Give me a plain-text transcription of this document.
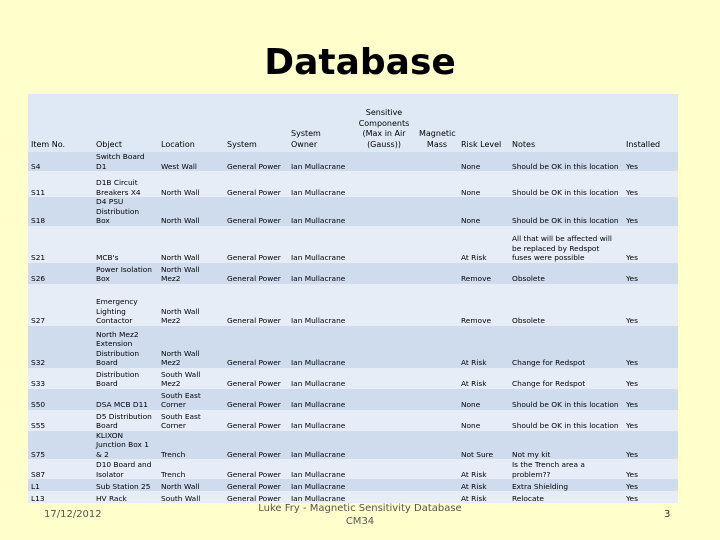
Database
Item No.	Object	Location	System	System Owner	Sensitive Components (Max in Air (Gauss))	Magnetic Mass	Risk Level	Notes	Installed
S4	Switch Board D1	West Wall	General Power	Ian Mullacrane			None	Should be OK in this location	Yes
S11	D1B Circuit Breakers X4	North Wall	General Power	Ian Mullacrane			None	Should be OK in this location	Yes
S18	D4 PSU Distribution Box	North Wall	General Power	Ian Mullacrane			None	Should be OK in this location	Yes
S21	MCB's	North Wall	General Power	Ian Mullacrane			At Risk	All that will be affected will be replaced by Redspot fuses were possible	Yes
S26	Power Isolation Box	North Wall Mez2	General Power	Ian Mullacrane			Remove	Obsolete	Yes
S27	Emergency Lighting Contactor	North Wall Mez2	General Power	Ian Mullacrane			Remove	Obsolete	Yes
S32	North Mez2 Extension Distribution Board	North Wall Mez2	General Power	Ian Mullacrane			At Risk	Change for Redspot	Yes
S33	Distribution Board	South Wall Mez2	General Power	Ian Mullacrane			At Risk	Change for Redspot	Yes
S50	DSA MCB D11	South East Corner	General Power	Ian Mullacrane			None	Should be OK in this location	Yes
S55	D5 Distribution Board	South East Corner	General Power	Ian Mullacrane			None	Should be OK in this location	Yes
S75	KLIXON Junction Box 1 & 2	Trench	General Power	Ian Mullacrane			Not Sure	Not my kit	Yes
S87	D10 Board and Isolator	Trench	General Power	Ian Mullacrane			At Risk	Is the Trench area a problem??	Yes
L1	Sub Station 25	North Wall	General Power	Ian Mullacrane			At Risk	Extra Shielding	Yes
L13	HV Rack	South Wall	General Power	Ian Mullacrane			At Risk	Relocate	Yes
17/12/2012
Luke Fry - Magnetic Sensitivity Database
CM34
3
